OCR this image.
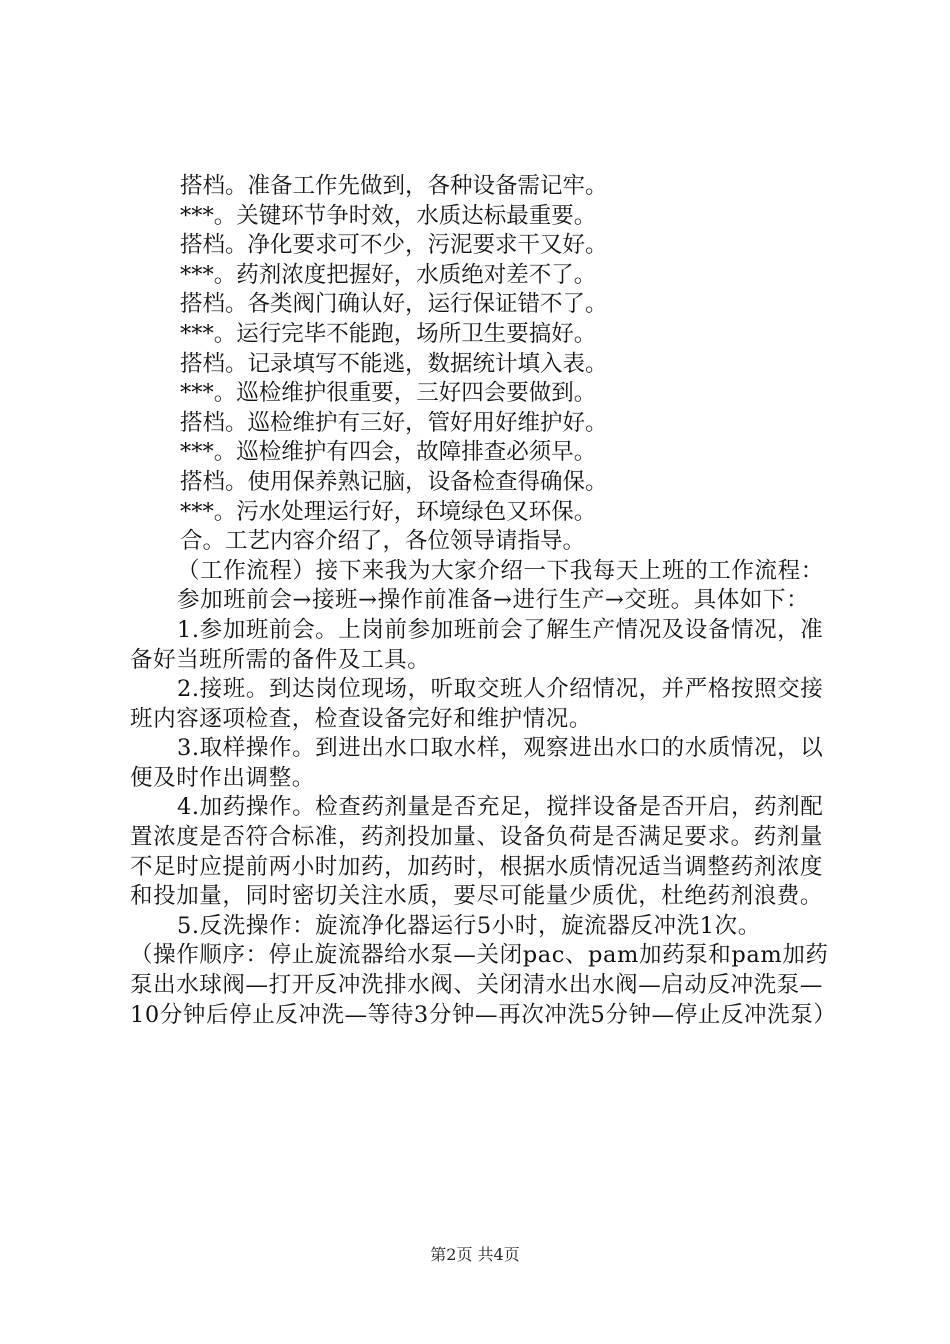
搭档。准备工作先做到，各种设备需记牢。

***。关键环节争时效，水质达标最重要。

搭档。净化要求可不少，污泥要求干又好。

***。药剂浓度把握好，水质绝对差不了。

搭档。各类阀门确认好，运行保证错不了。

***。运行完毕不能跑，场所卫生要搞好。

搭档。记录填写不能逃，数据统计填入表。

***。巡检维护很重要，三好四会要做到。

搭档。巡检维护有三好，管好用好维护好。

***。巡检维护有四会，故障排查必须早。

搭档。使用保养熟记脑，设备检查得确保。

***。污水处理运行好，环境绿色又环保。

合。工艺内容介绍了，各位领导请指导。

（工作流程）接下来我为大家介绍一下我每天上班的工作流程：

参加班前会→接班→操作前准备→进行生产→交班。具体如下：

1.参加班前会。上岗前参加班前会了解生产情况及设备情况，准备好当班所需的备件及工具。

2.接班。到达岗位现场，听取交班人介绍情况，并严格按照交接班内容逐项检查，检查设备完好和维护情况。

3.取样操作。到进出水口取水样，观察进出水口的水质情况，以便及时作出调整。

4.加药操作。检查药剂量是否充足，搅拌设备是否开启，药剂配置浓度是否符合标准，药剂投加量、设备负荷是否满足要求。药剂量不足时应提前两小时加药，加药时，根据水质情况适当调整药剂浓度和投加量，同时密切关注水质，要尽可能量少质优，杜绝药剂浪费。

5.反洗操作：旋流净化器运行5小时，旋流器反冲洗1次。

（操作顺序：停止旋流器给水泵—关闭pac、pam加药泵和pam加药泵出水球阀—打开反冲洗排水阀、关闭清水出水阀—启动反冲洗泵—10分钟后停止反冲洗—等待3分钟—再次冲洗5分钟—停止反冲洗泵）

第2页 共4页
